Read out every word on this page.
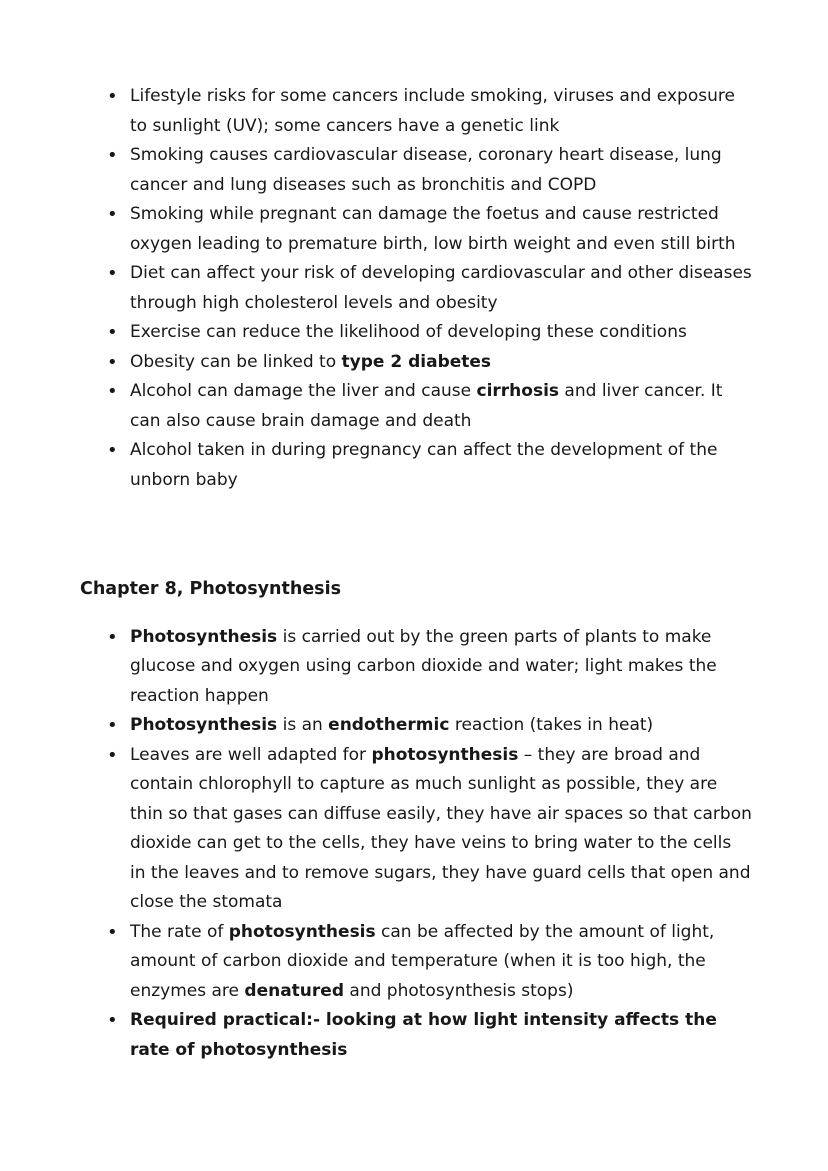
• Lifestyle risks for some cancers include smoking, viruses and exposure to sunlight (UV); some cancers have a genetic link
• Smoking causes cardiovascular disease, coronary heart disease, lung cancer and lung diseases such as bronchitis and COPD
• Smoking while pregnant can damage the foetus and cause restricted oxygen leading to premature birth, low birth weight and even still birth
• Diet can affect your risk of developing cardiovascular and other diseases through high cholesterol levels and obesity
• Exercise can reduce the likelihood of developing these conditions
• Obesity can be linked to type 2 diabetes
• Alcohol can damage the liver and cause cirrhosis and liver cancer. It can also cause brain damage and death
• Alcohol taken in during pregnancy can affect the development of the unborn baby
Chapter 8, Photosynthesis
• Photosynthesis is carried out by the green parts of plants to make glucose and oxygen using carbon dioxide and water; light makes the reaction happen
• Photosynthesis is an endothermic reaction (takes in heat)
• Leaves are well adapted for photosynthesis – they are broad and contain chlorophyll to capture as much sunlight as possible, they are thin so that gases can diffuse easily, they have air spaces so that carbon dioxide can get to the cells, they have veins to bring water to the cells in the leaves and to remove sugars, they have guard cells that open and close the stomata
• The rate of photosynthesis can be affected by the amount of light, amount of carbon dioxide and temperature (when it is too high, the enzymes are denatured and photosynthesis stops)
• Required practical:- looking at how light intensity affects the rate of photosynthesis
